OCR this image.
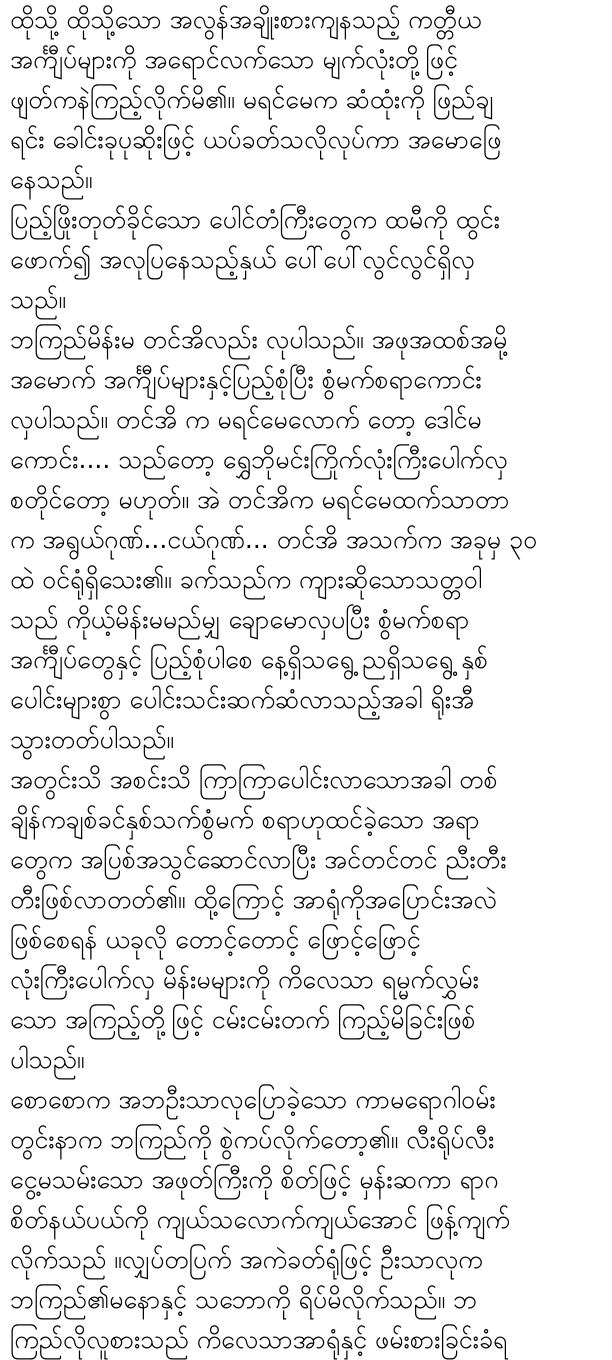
ထိုသို့ ထိုသို့သော အလွန်အချိုးစားကျနသည့် ကတ္တီယ
အင်္ကျီပ်များကို အရောင်လက်သော မျက်လုံးတို့ဖြင့်
ဖျတ်ကနဲကြည့်လိုက်မိ၏။ မရင်မေက ဆံထုံးကို ဖြည်ချ
ရင်း ခေါင်းခုပုဆိုးဖြင့် ယပ်ခတ်သလိုလုပ်ကာ အမောဖြေ
နေသည်။
ပြည့်ဖြိုးတုတ်ခိုင်သော ပေါင်တံကြီးတွေက ထမီကို ထွင်း
ဖောက်၍ အလုပြနေသည့်နှယ် ပေါ်ပေါ်လွင်လွင်ရှိလှ
သည်။
ဘကြည်မိန်းမ တင်အိလည်း လုပါသည်။ အဖုအထစ်အမို့
အမောက် အင်္ကျီပ်များနှင့်ပြည့်စုံပြီး စွံမက်စရာကောင်း
လှပါသည်။ တင်အိ က မရင်မေလောက် တော့ ဒေါင်မ
ကောင်း.... သည်တော့ ရွှေဘိုမင်းကြိုက်လုံးကြီးပေါက်လှ
စတိုင်တော့ မဟုတ်။ အဲ တင်အိက မရင်မေထက်သာတာ
က အရွယ်ဂုဏ်...ငယ်ဂုဏ်... တင်အိ အသက်က အခုမှ ၃၀
ထဲ ဝင်ရုံရှိသေး၏။ ခက်သည်က ကျားဆိုသောသတ္တဝါ
သည် ကိုယ့်မိန်းမမည်မျှ ချောမောလှပပြီး စွံမက်စရာ
အင်္ကျီပ်တွေနှင့် ပြည့်စုံပါစေ နေ့ရှိသရွေ့ ညရှိသရွေ့ နှစ်
ပေါင်းများစွာ ပေါင်းသင်းဆက်ဆံလာသည့်အခါ ရိုးအီ
သွားတတ်ပါသည်။
အတွင်းသိ အစင်းသိ ကြာကြာပေါင်းလာသောအခါ တစ်
ချိန်ကချစ်ခင်နှစ်သက်စွံမက် စရာဟုထင်ခဲ့သော အရာ
တွေက အပြစ်အသွင်ဆောင်လာပြီး အင်တင်တင် ညီးတီး
တီးဖြစ်လာတတ်၏။ ထို့ကြောင့် အာရုံကိုအပြောင်းအလဲ
ဖြစ်စေရန် ယခုလို တောင့်တောင့် ဖြောင့်ဖြောင့်
လုံးကြီးပေါက်လှ မိန်းမများကို ကိလေသာ ရမ္မက်လွှမ်း
သော အကြည့်တို့ဖြင့် ငမ်းငမ်းတက် ကြည့်မိခြင်းဖြစ်
ပါသည်။
စောစောက အဘဦးသာလုပြောခဲ့သော ကာမရောဂါဝမ်း
တွင်းနာက ဘကြည်ကို စွဲကပ်လိုက်တော့၏။ လီးရိုပ်လီး
ငွေ့မသမ်းသော အဖုတ်ကြီးကို စိတ်ဖြင့် မှန်းဆကာ ရာဂ
စိတ်နယ်ပယ်ကို ကျယ်သလောက်ကျယ်အောင် ဖြန့်ကျက်
လိုက်သည် ။လျှပ်တပြက် အကဲခတ်ရုံဖြင့် ဦးသာလုက
ဘကြည်၏မနောနှင့် သဘောကို ရိပ်မိလိုက်သည်။ ဘ
ကြည်လိုလူစားသည် ကိလေသာအာရုံနှင့် ဖမ်းစားခြင်းခံရ
